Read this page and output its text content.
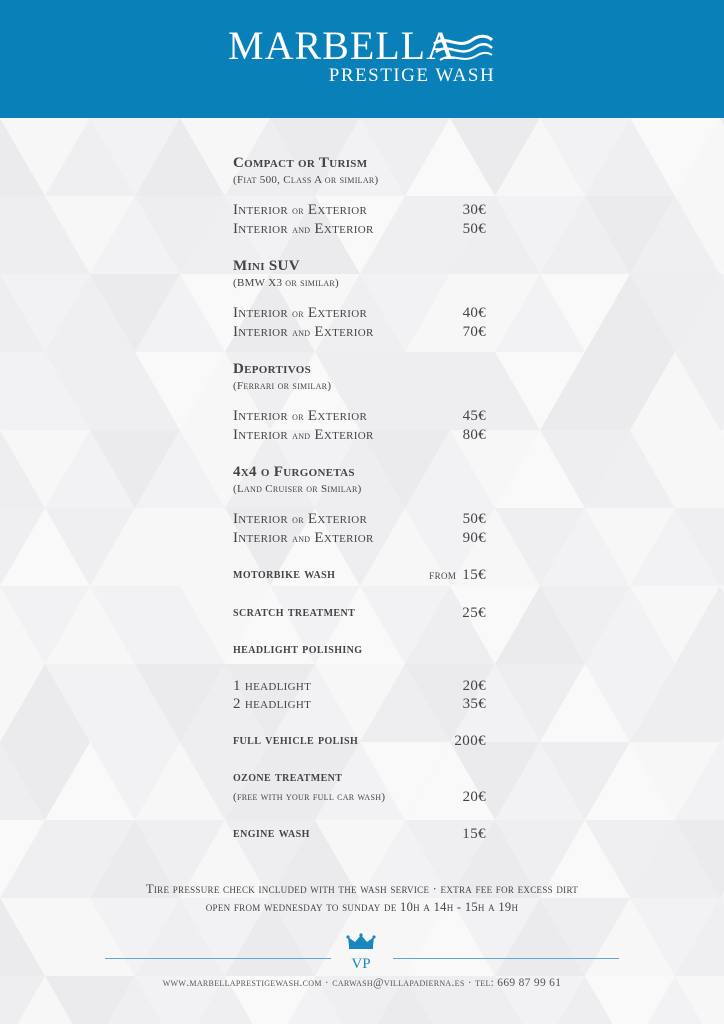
MARBELLA
PRESTIGE WASH
Compact or Turism
(Fiat 500, Class A or similar)
Interior or Exterior	30€
Interior and Exterior	50€
Mini SUV
(BMW X3 or similar)
Interior or Exterior	40€
Interior and Exterior	70€
Deportivos
(Ferrari or similar)
Interior or Exterior	45€
Interior and Exterior	80€
4x4 o Furgonetas
(Land Cruiser or Similar)
Interior or Exterior	50€
Interior and Exterior	90€
motorbike wash	from 15€
scratch treatment	25€
headlight polishing
1 headlight	20€
2 headlight	35€
full vehicle polish	200€
ozone treatment
(free with your full car wash)	20€
engine wash	15€
Tire pressure check included with the wash service · extra fee for excess dirt
open from wednesday to sunday de 10h a 14h - 15h a 19h
VP
www.marbellaprestigewash.com · carwash@villapadierna.es · tel: 669 87 99 61
